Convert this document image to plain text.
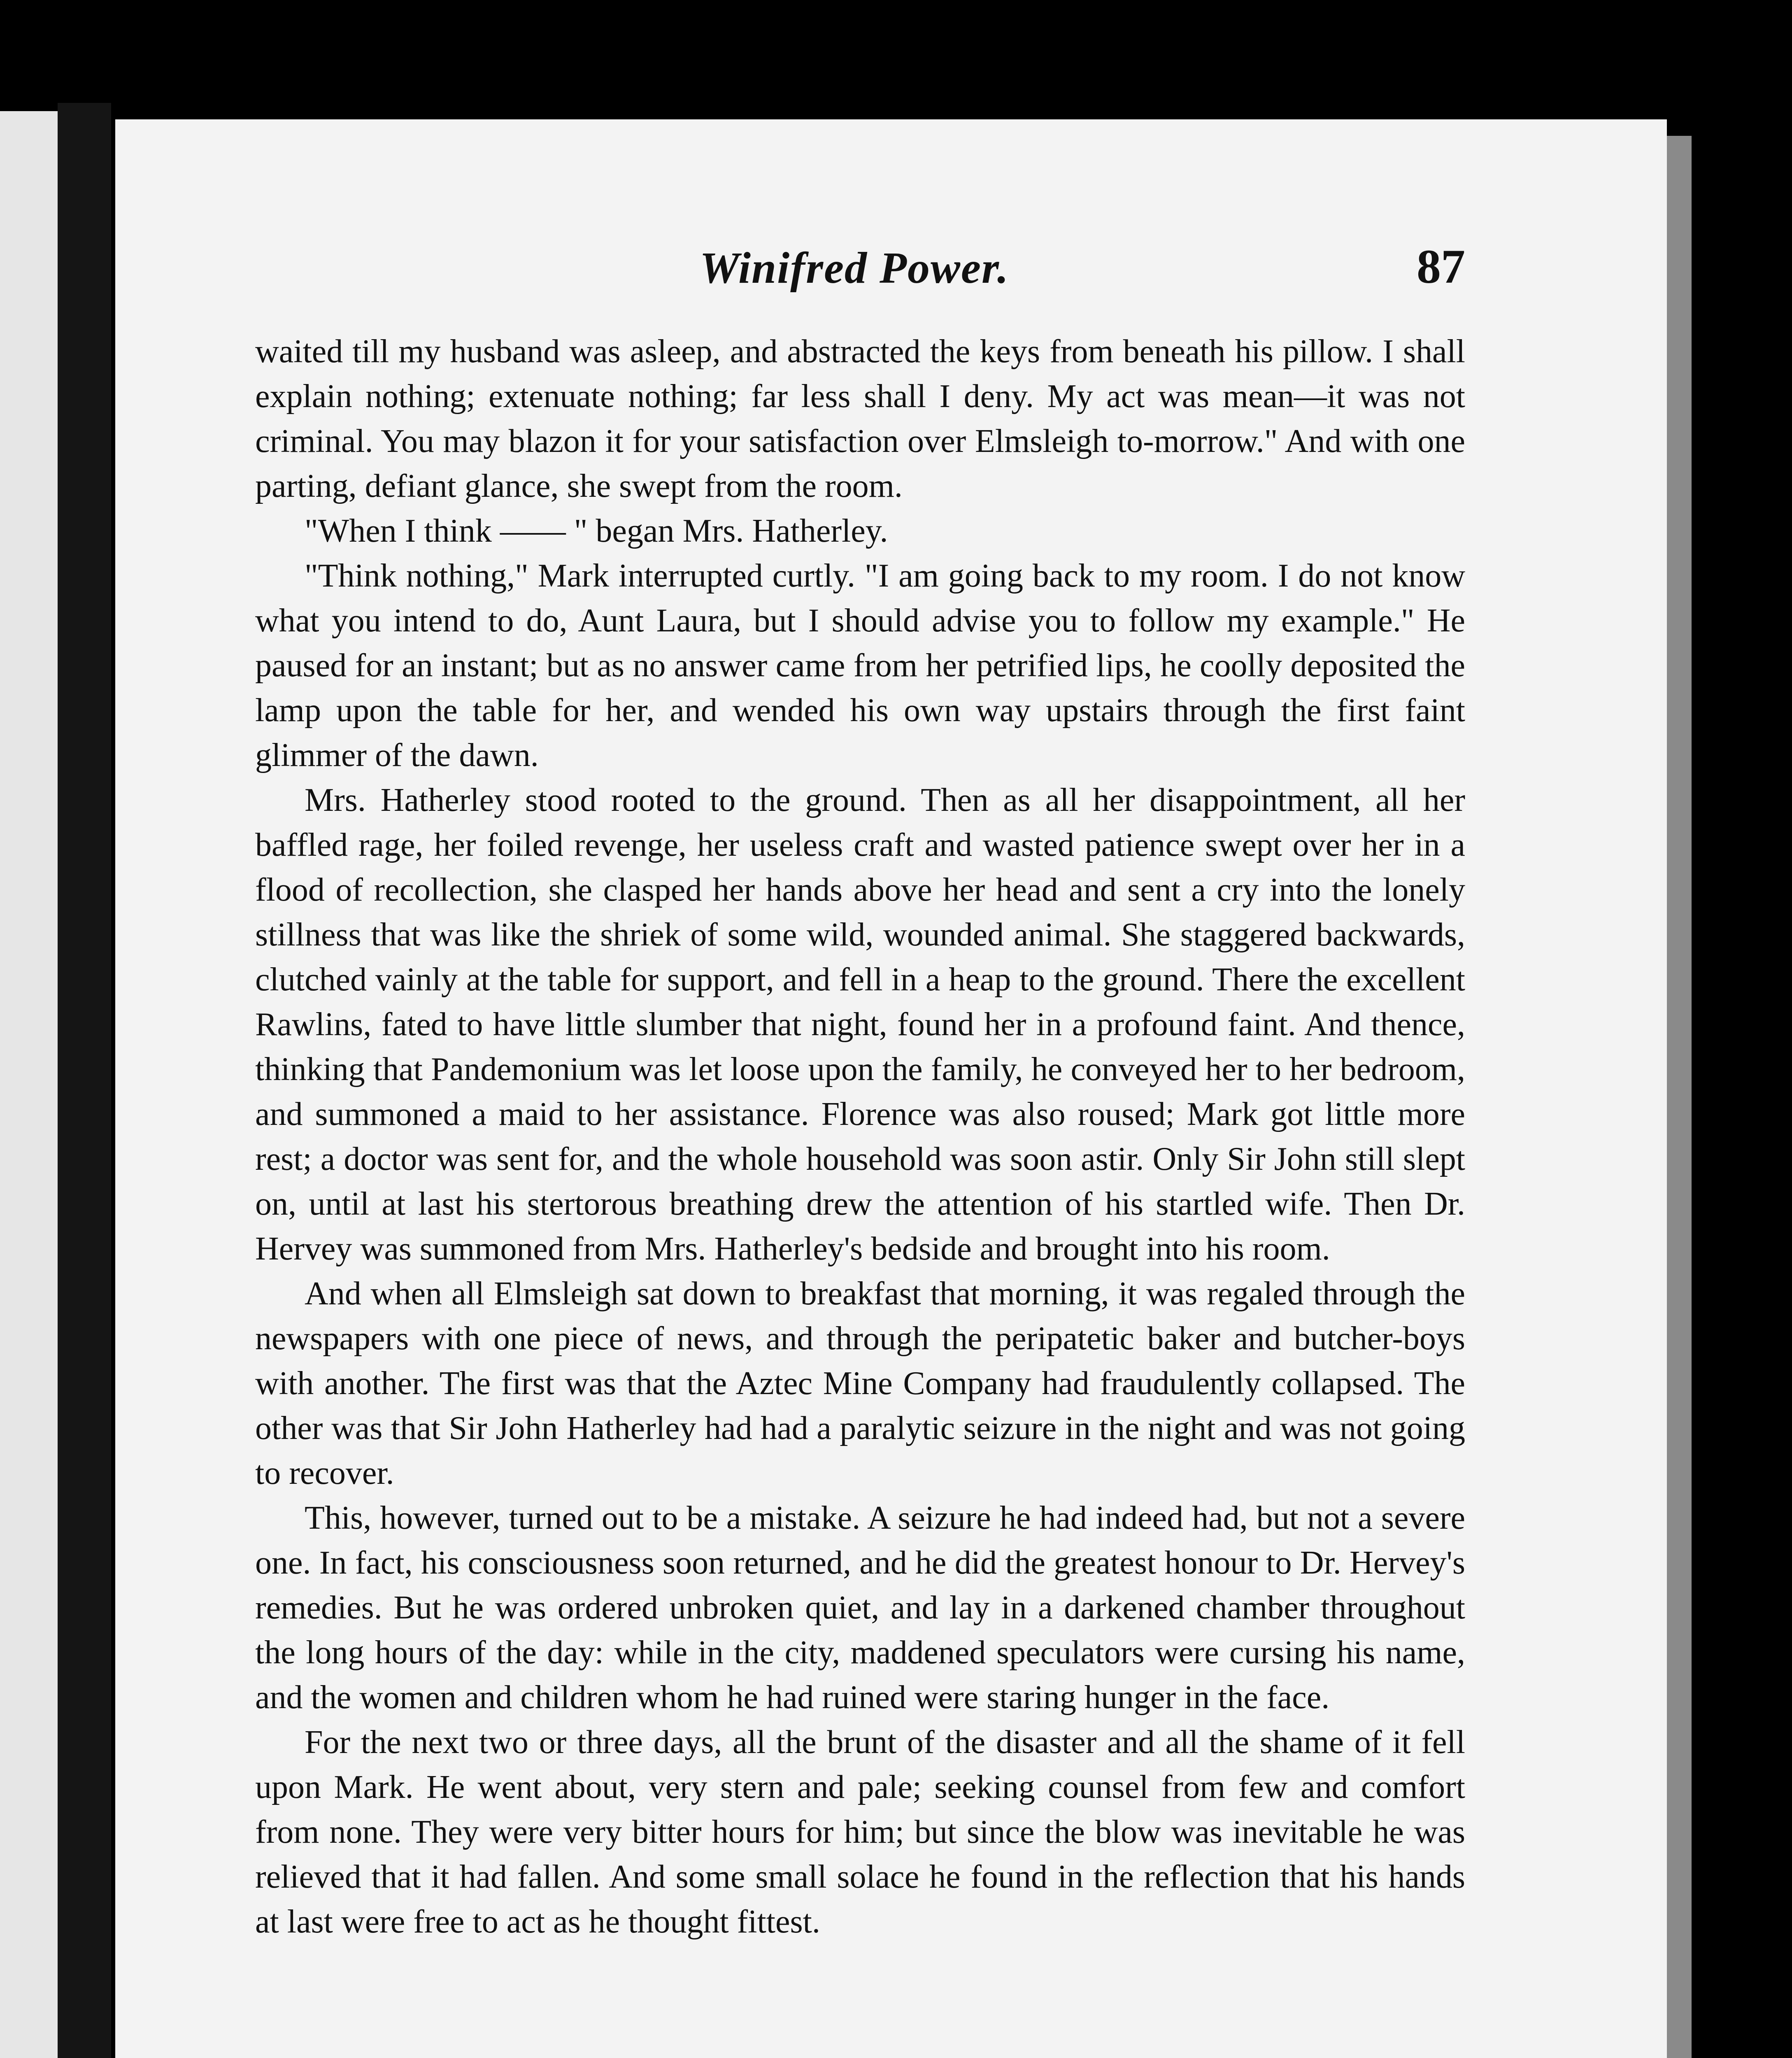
Winifred Power.	87

waited till my husband was asleep, and abstracted the keys from beneath his pillow. I shall explain nothing; extenuate nothing; far less shall I deny. My act was mean—it was not criminal. You may blazon it for your satisfaction over Elmsleigh to-morrow." And with one parting, defiant glance, she swept from the room.

"When I think —— " began Mrs. Hatherley.

"Think nothing," Mark interrupted curtly. "I am going back to my room. I do not know what you intend to do, Aunt Laura, but I should advise you to follow my example." He paused for an instant; but as no answer came from her petrified lips, he coolly deposited the lamp upon the table for her, and wended his own way upstairs through the first faint glimmer of the dawn.

Mrs. Hatherley stood rooted to the ground. Then as all her disappointment, all her baffled rage, her foiled revenge, her useless craft and wasted patience swept over her in a flood of recollection, she clasped her hands above her head and sent a cry into the lonely stillness that was like the shriek of some wild, wounded animal. She staggered backwards, clutched vainly at the table for support, and fell in a heap to the ground. There the excellent Rawlins, fated to have little slumber that night, found her in a profound faint. And thence, thinking that Pandemonium was let loose upon the family, he conveyed her to her bedroom, and summoned a maid to her assistance. Florence was also roused; Mark got little more rest; a doctor was sent for, and the whole household was soon astir. Only Sir John still slept on, until at last his stertorous breathing drew the attention of his startled wife. Then Dr. Hervey was summoned from Mrs. Hatherley's bedside and brought into his room.

And when all Elmsleigh sat down to breakfast that morning, it was regaled through the newspapers with one piece of news, and through the peripatetic baker and butcher-boys with another. The first was that the Aztec Mine Company had fraudulently collapsed. The other was that Sir John Hatherley had had a paralytic seizure in the night and was not going to recover.

This, however, turned out to be a mistake. A seizure he had indeed had, but not a severe one. In fact, his consciousness soon returned, and he did the greatest honour to Dr. Hervey's remedies. But he was ordered unbroken quiet, and lay in a darkened chamber throughout the long hours of the day: while in the city, maddened speculators were cursing his name, and the women and children whom he had ruined were staring hunger in the face.

For the next two or three days, all the brunt of the disaster and all the shame of it fell upon Mark. He went about, very stern and pale; seeking counsel from few and comfort from none. They were very bitter hours for him; but since the blow was inevitable he was relieved that it had fallen. And some small solace he found in the reflection that his hands at last were free to act as he thought fittest.
